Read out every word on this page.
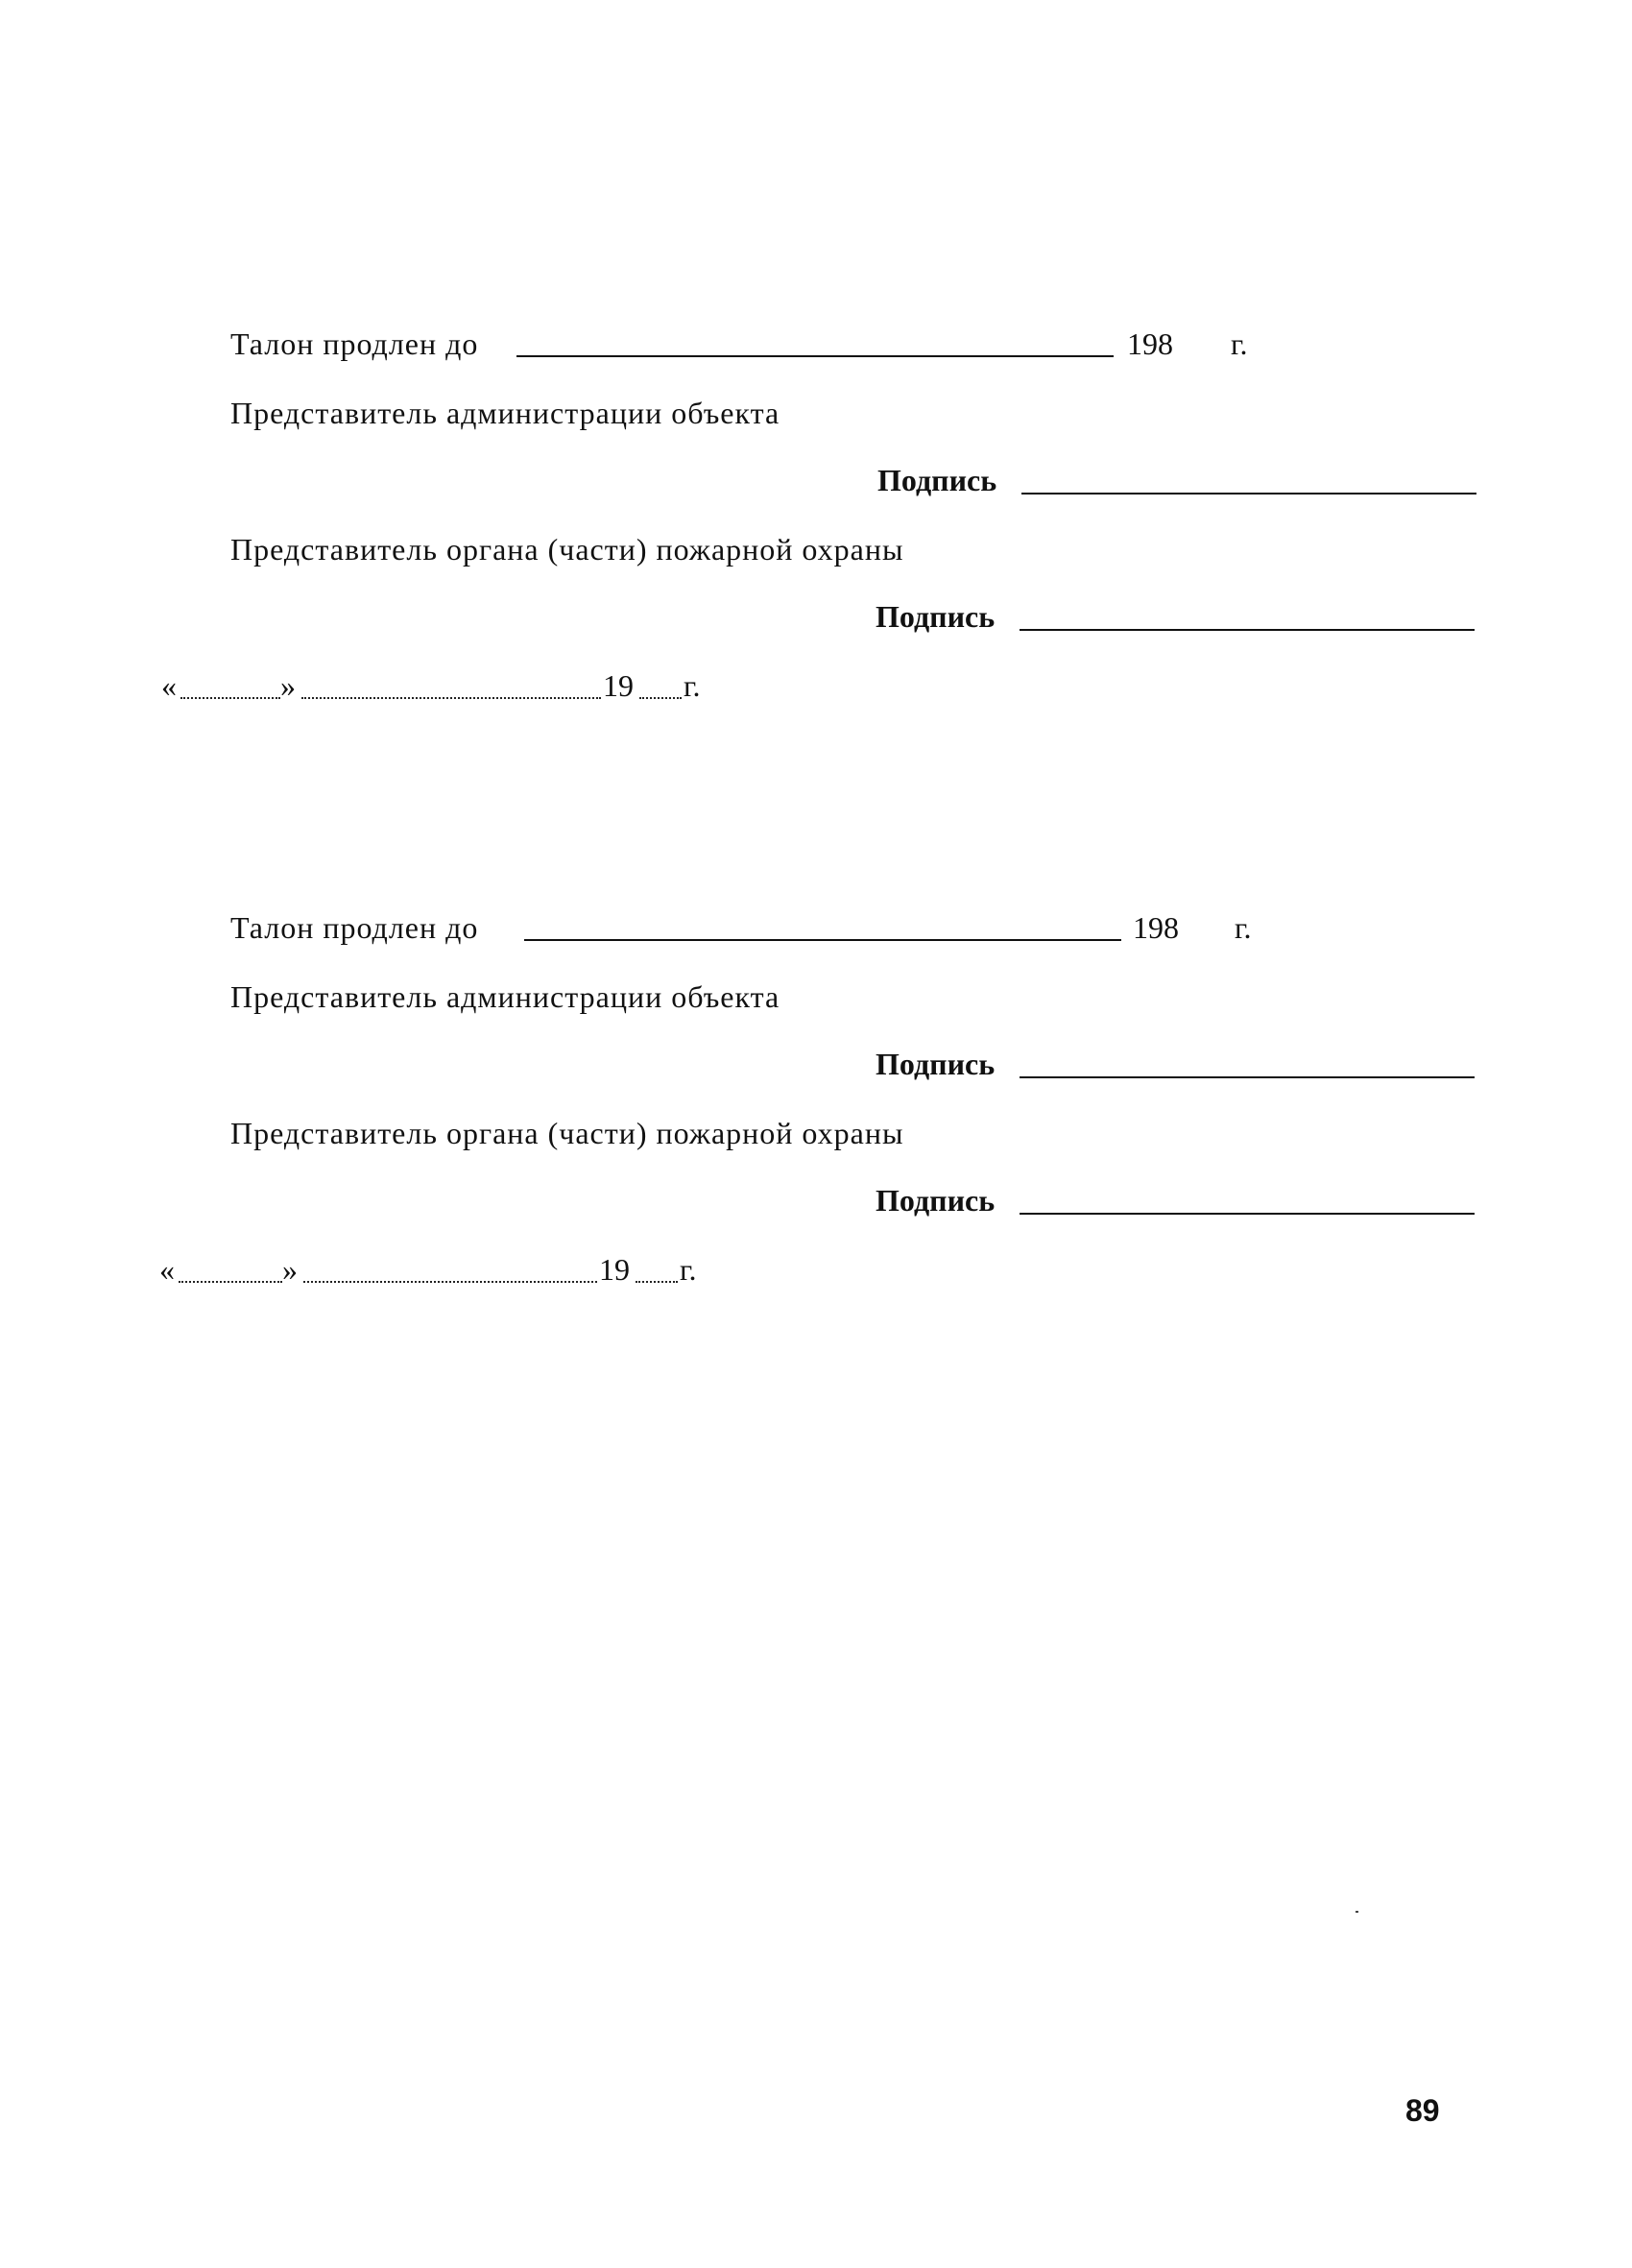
Талон продлен до	198 г.
Представитель администрации объекта
Подпись
Представитель органа (части) пожарной охраны
Подпись
«	»	19 г.
Талон продлен до	198 г.
Представитель администрации объекта
Подпись
Представитель органа (части) пожарной охраны
Подпись
«	»	19 г.
89
